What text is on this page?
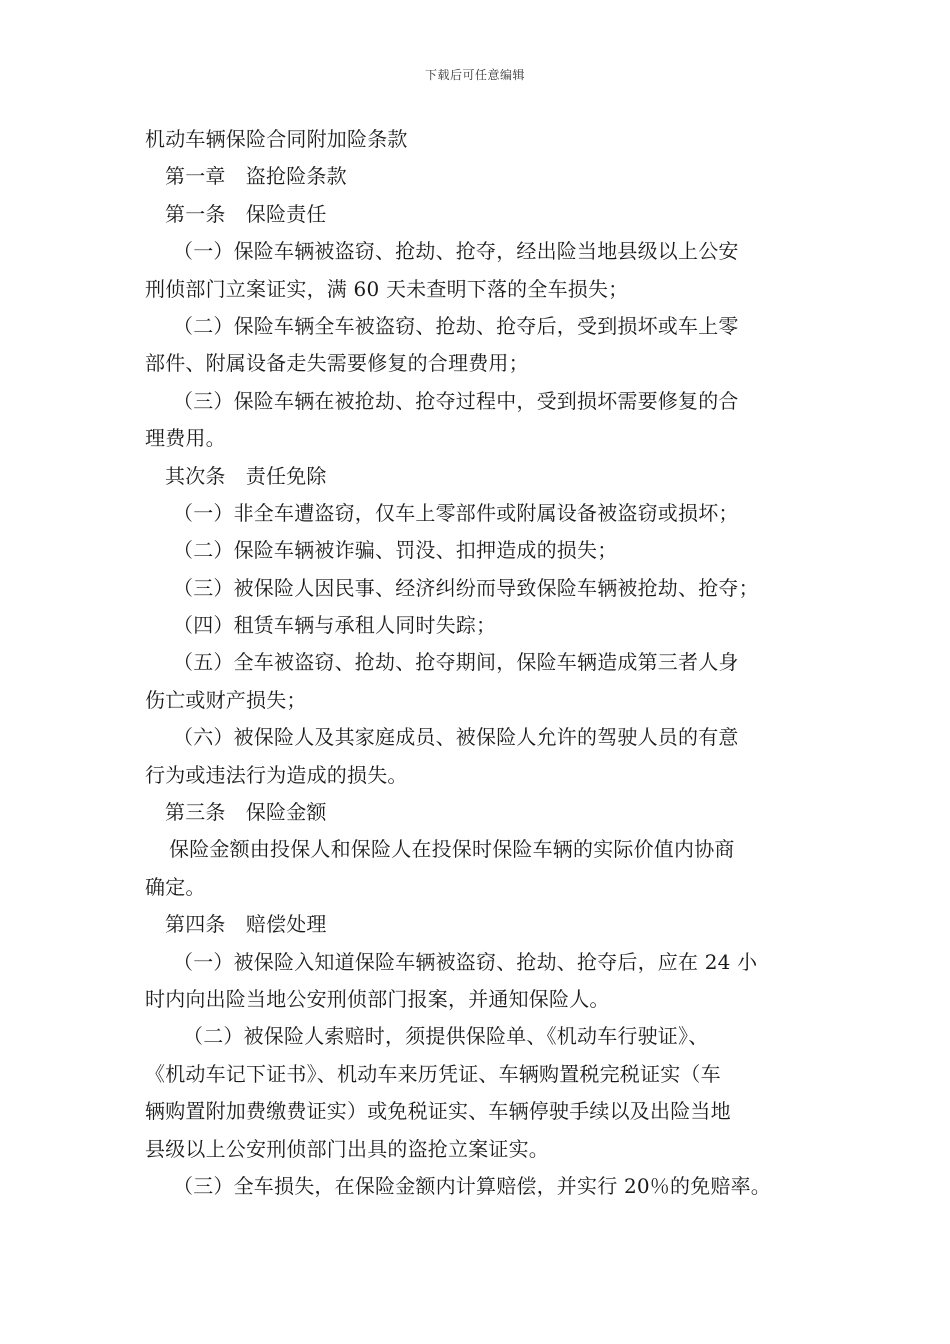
下载后可任意编辑
机动车辆保险合同附加险条款
第一章　盗抢险条款
第一条　保险责任
（一）保险车辆被盗窃、抢劫、抢夺，经出险当地县级以上公安
刑侦部门立案证实，满 60 天未查明下落的全车损失；
（二）保险车辆全车被盗窃、抢劫、抢夺后，受到损坏或车上零
部件、附属设备走失需要修复的合理费用；
（三）保险车辆在被抢劫、抢夺过程中，受到损坏需要修复的合
理费用。
其次条　责任免除
（一）非全车遭盗窃，仅车上零部件或附属设备被盗窃或损坏；
（二）保险车辆被诈骗、罚没、扣押造成的损失；
（三）被保险人因民事、经济纠纷而导致保险车辆被抢劫、抢夺；
（四）租赁车辆与承租人同时失踪；
（五）全车被盗窃、抢劫、抢夺期间，保险车辆造成第三者人身
伤亡或财产损失；
（六）被保险人及其家庭成员、被保险人允许的驾驶人员的有意
行为或违法行为造成的损失。
第三条　保险金额
保险金额由投保人和保险人在投保时保险车辆的实际价值内协商
确定。
第四条　赔偿处理
（一）被保险入知道保险车辆被盗窃、抢劫、抢夺后，应在 24 小
时内向出险当地公安刑侦部门报案，并通知保险人。
（二）被保险人索赔时，须提供保险单、《机动车行驶证》、
《机动车记下证书》、机动车来历凭证、车辆购置税完税证实（车
辆购置附加费缴费证实）或免税证实、车辆停驶手续以及出险当地
县级以上公安刑侦部门出具的盗抢立案证实。
（三）全车损失，在保险金额内计算赔偿，并实行 20％的免赔率。
